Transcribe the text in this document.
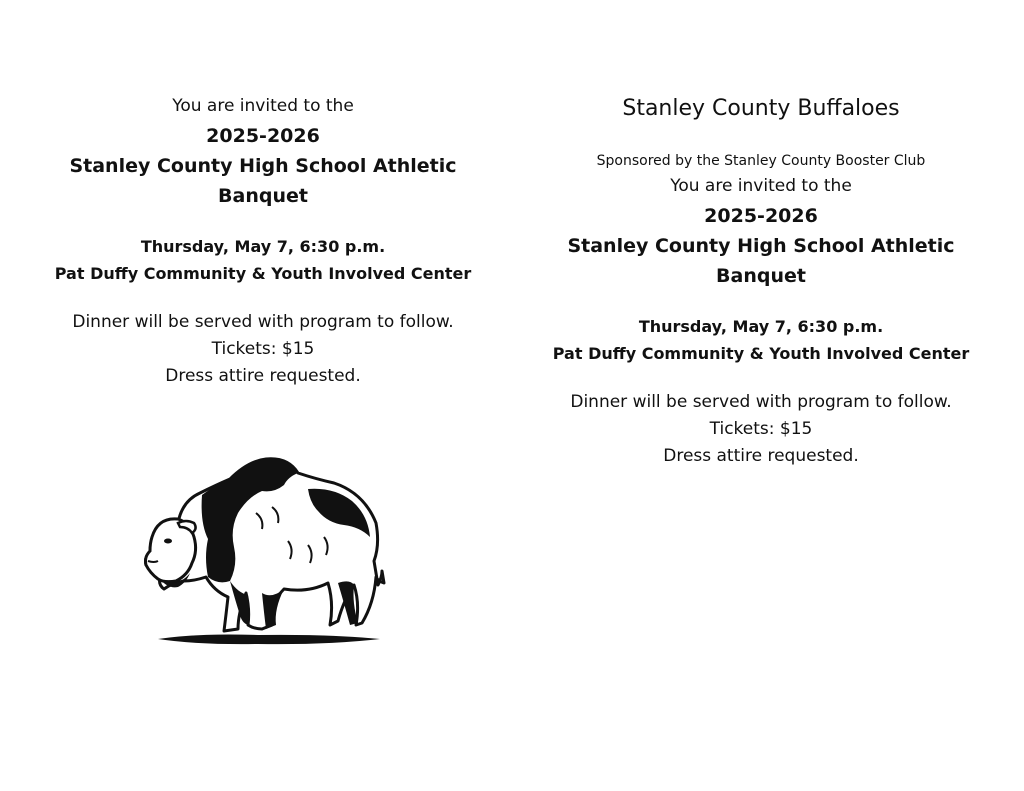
You are invited to the
2025-2026
Stanley County High School Athletic
Banquet
Thursday, May 7, 6:30 p.m.
Pat Duffy Community & Youth Involved Center
Dinner will be served with program to follow.
Tickets: $15
Dress attire requested.
Stanley County Buffaloes
Sponsored by the Stanley County Booster Club
You are invited to the
2025-2026
Stanley County High School Athletic
Banquet
Thursday, May 7, 6:30 p.m.
Pat Duffy Community & Youth Involved Center
Dinner will be served with program to follow.
Tickets: $15
Dress attire requested.
